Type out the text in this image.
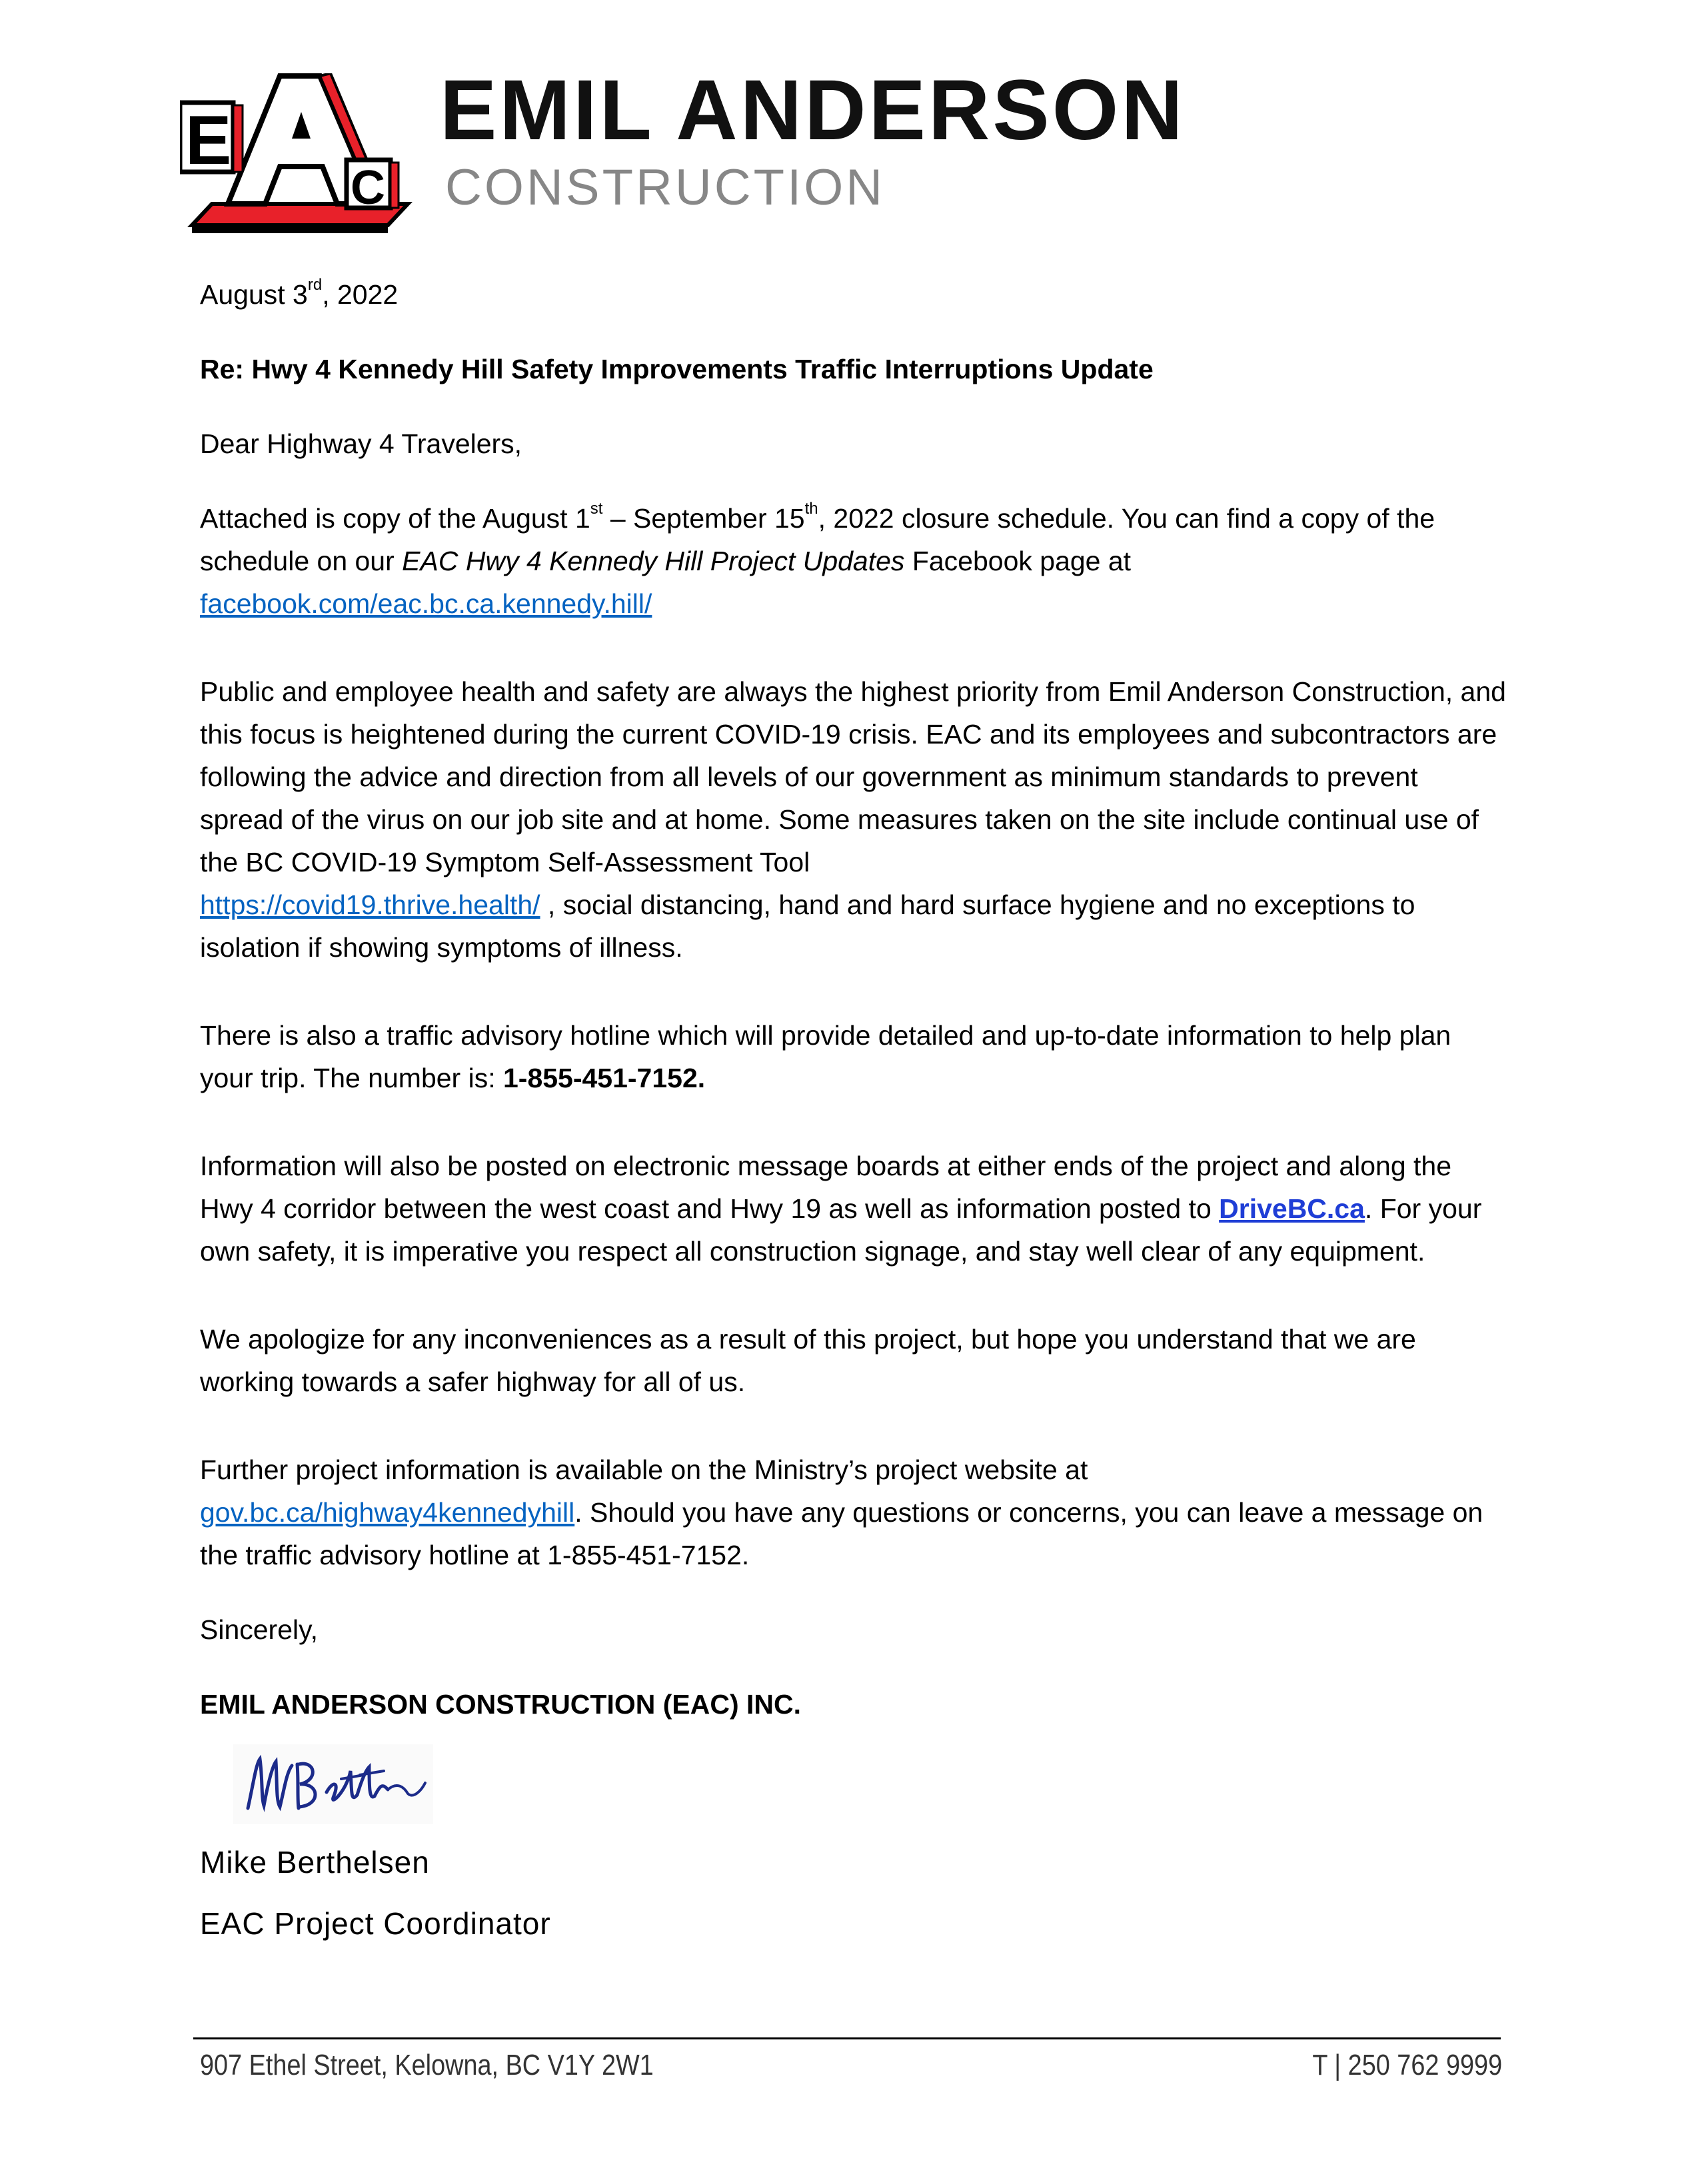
E
C
EMIL ANDERSON
CONSTRUCTION

August 3rd, 2022

Re: Hwy 4 Kennedy Hill Safety Improvements Traffic Interruptions Update

Dear Highway 4 Travelers,

Attached is copy of the August 1st – September 15th, 2022 closure schedule. You can find a copy of the schedule on our EAC Hwy 4 Kennedy Hill Project Updates Facebook page at
facebook.com/eac.bc.ca.kennedy.hill/

Public and employee health and safety are always the highest priority from Emil Anderson Construction, and this focus is heightened during the current COVID-19 crisis. EAC and its employees and subcontractors are following the advice and direction from all levels of our government as minimum standards to prevent spread of the virus on our job site and at home. Some measures taken on the site include continual use of the BC COVID-19 Symptom Self-Assessment Tool
https://covid19.thrive.health/ , social distancing, hand and hard surface hygiene and no exceptions to isolation if showing symptoms of illness.

There is also a traffic advisory hotline which will provide detailed and up-to-date information to help plan your trip. The number is: 1-855-451-7152.

Information will also be posted on electronic message boards at either ends of the project and along the Hwy 4 corridor between the west coast and Hwy 19 as well as information posted to DriveBC.ca. For your own safety, it is imperative you respect all construction signage, and stay well clear of any equipment.

We apologize for any inconveniences as a result of this project, but hope you understand that we are working towards a safer highway for all of us.

Further project information is available on the Ministry’s project website at
gov.bc.ca/highway4kennedyhill. Should you have any questions or concerns, you can leave a message on the traffic advisory hotline at 1-855-451-7152.

Sincerely,

EMIL ANDERSON CONSTRUCTION (EAC) INC.

Mike Berthelsen

EAC Project Coordinator

907 Ethel Street, Kelowna, BC V1Y 2W1	T | 250 762 9999
